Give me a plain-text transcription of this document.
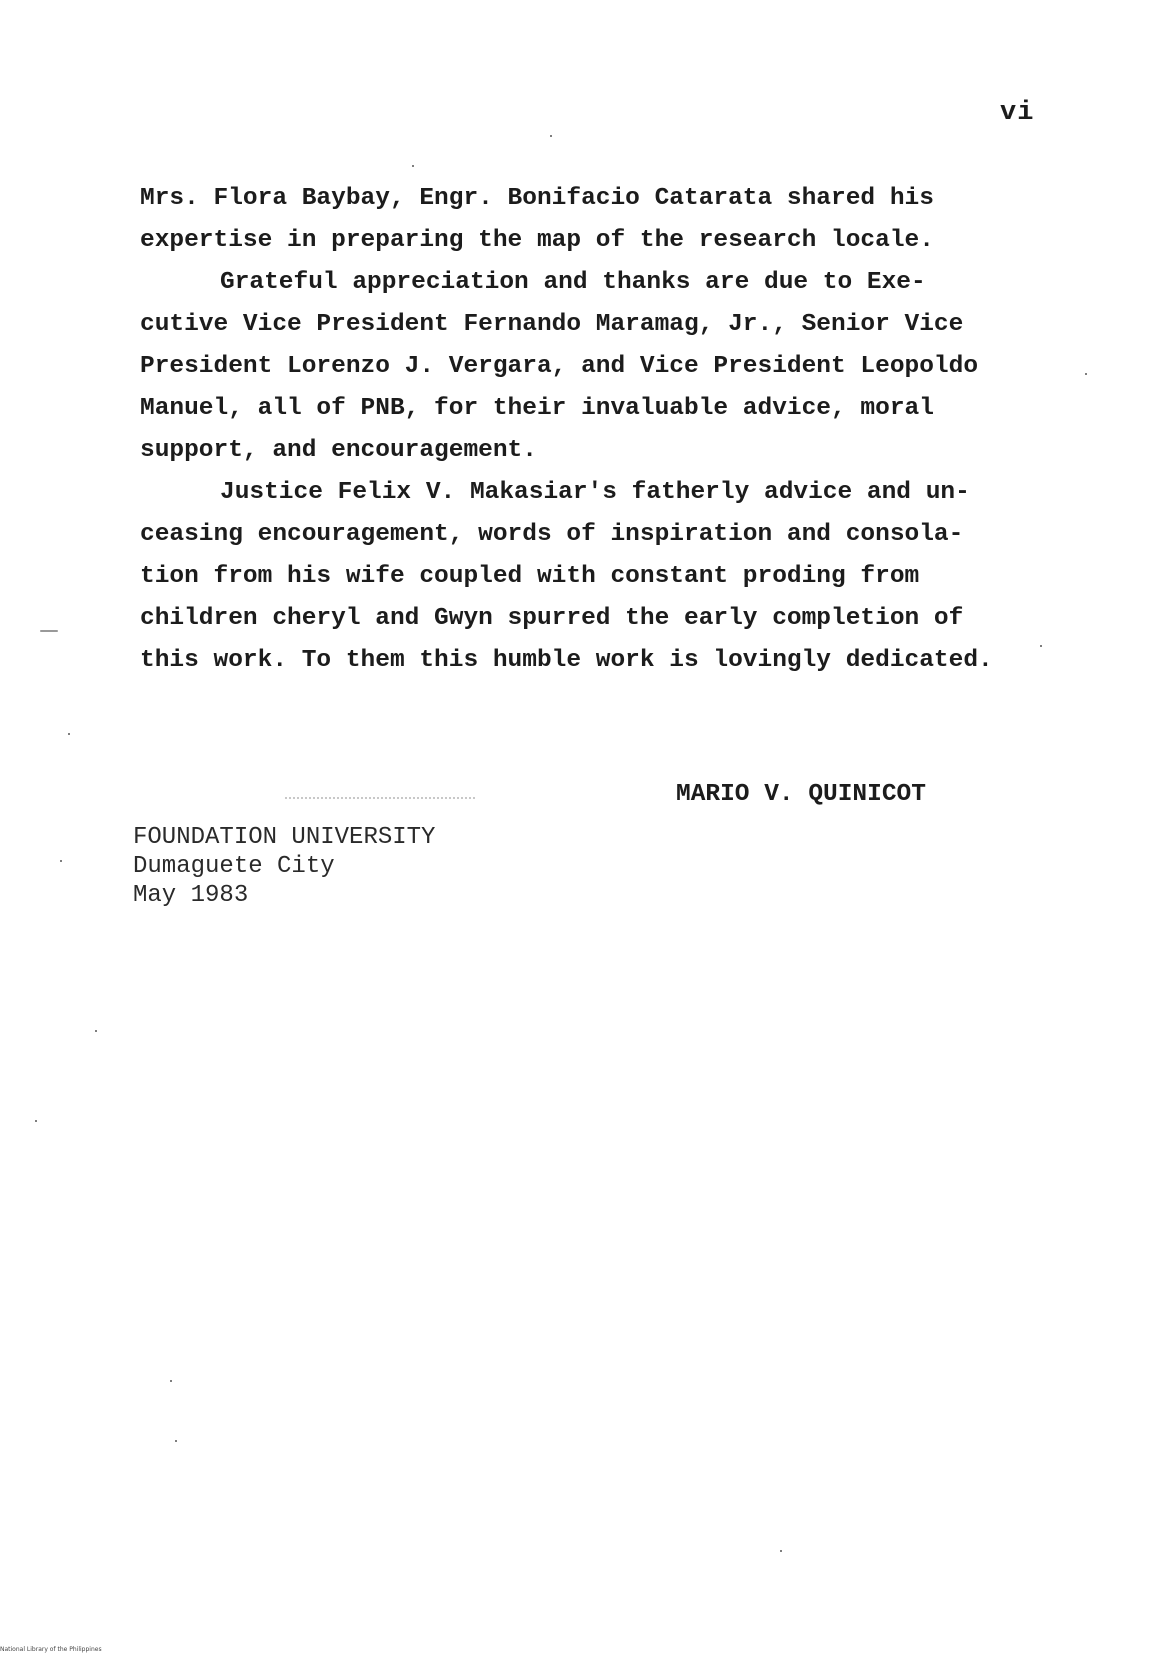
vi
Mrs. Flora Baybay, Engr. Bonifacio Catarata shared his
expertise in preparing the map of the research locale.
Grateful appreciation and thanks are due to Exe-
cutive Vice President Fernando Maramag, Jr., Senior Vice
President Lorenzo J. Vergara, and Vice President Leopoldo
Manuel, all of PNB, for their invaluable advice, moral
support, and encouragement.
Justice Felix V. Makasiar's fatherly advice and un-
ceasing encouragement, words of inspiration and consola-
tion from his wife coupled with constant proding from
children cheryl and Gwyn spurred the early completion of
this work. To them this humble work is lovingly dedicated.
MARIO V. QUINICOT
FOUNDATION UNIVERSITY
Dumaguete City
May 1983
National Library of the Philippines
